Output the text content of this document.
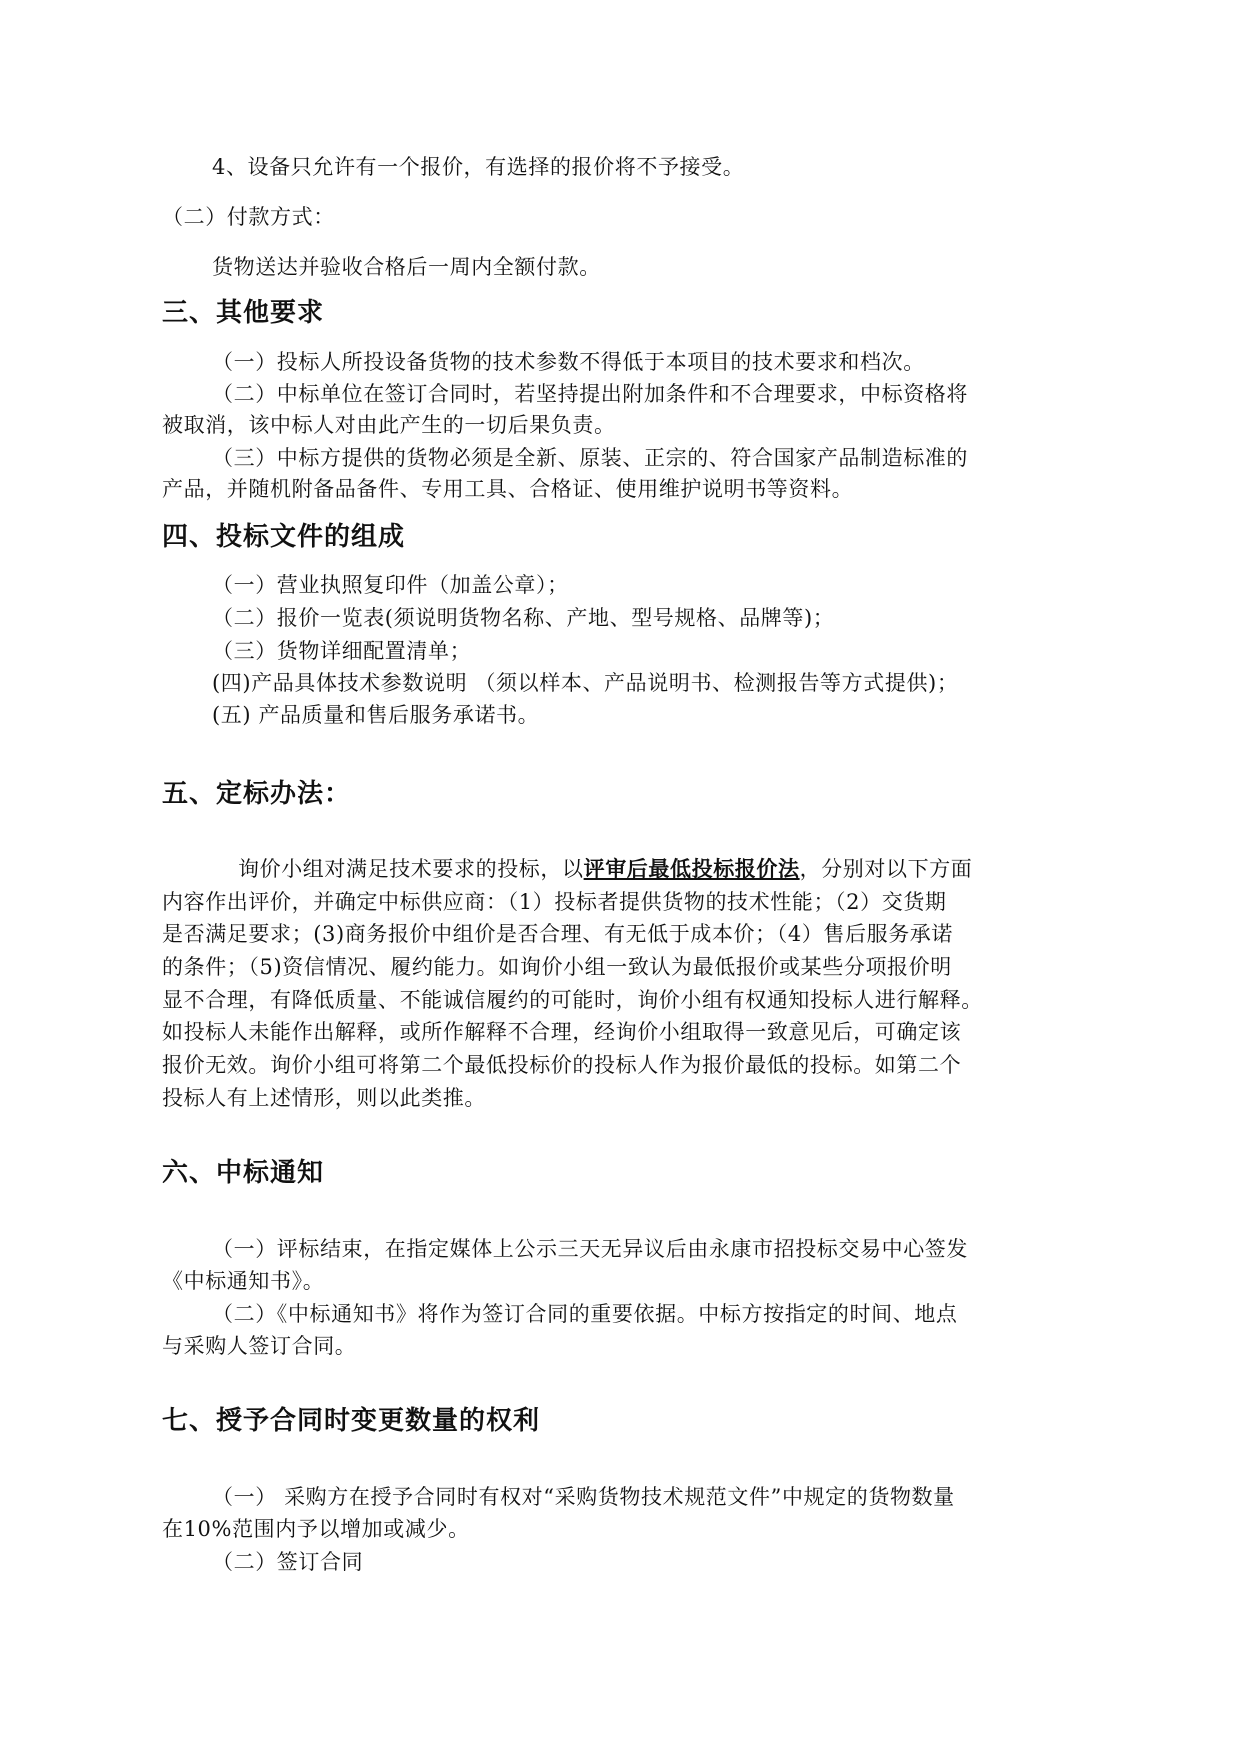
4、设备只允许有一个报价，有选择的报价将不予接受。
（二）付款方式：
货物送达并验收合格后一周内全额付款。
三、其他要求
（一）投标人所投设备货物的技术参数不得低于本项目的技术要求和档次。
（二）中标单位在签订合同时，若坚持提出附加条件和不合理要求，中标资格将
被取消，该中标人对由此产生的一切后果负责。
（三）中标方提供的货物必须是全新、原装、正宗的、符合国家产品制造标准的
产品，并随机附备品备件、专用工具、合格证、使用维护说明书等资料。
四、投标文件的组成
（一）营业执照复印件（加盖公章）；
（二）报价一览表(须说明货物名称、产地、型号规格、品牌等)；
（三）货物详细配置清单；
(四)产品具体技术参数说明 （须以样本、产品说明书、检测报告等方式提供)；
(五) 产品质量和售后服务承诺书。
五、定标办法：
询价小组对满足技术要求的投标，以评审后最低投标报价法，分别对以下方面
内容作出评价，并确定中标供应商：（1）投标者提供货物的技术性能；（2）交货期
是否满足要求；(3)商务报价中组价是否合理、有无低于成本价；（4）售后服务承诺
的条件；（5)资信情况、履约能力。如询价小组一致认为最低报价或某些分项报价明
显不合理，有降低质量、不能诚信履约的可能时，询价小组有权通知投标人进行解释。
如投标人未能作出解释，或所作解释不合理，经询价小组取得一致意见后，可确定该
报价无效。询价小组可将第二个最低投标价的投标人作为报价最低的投标。如第二个
投标人有上述情形，则以此类推。
六、中标通知
（一）评标结束，在指定媒体上公示三天无异议后由永康市招投标交易中心签发
《中标通知书》。
（二）《中标通知书》将作为签订合同的重要依据。中标方按指定的时间、地点
与采购人签订合同。
七、授予合同时变更数量的权利
（一） 采购方在授予合同时有权对“采购货物技术规范文件”中规定的货物数量
在10%范围内予以增加或减少。
（二）签订合同
